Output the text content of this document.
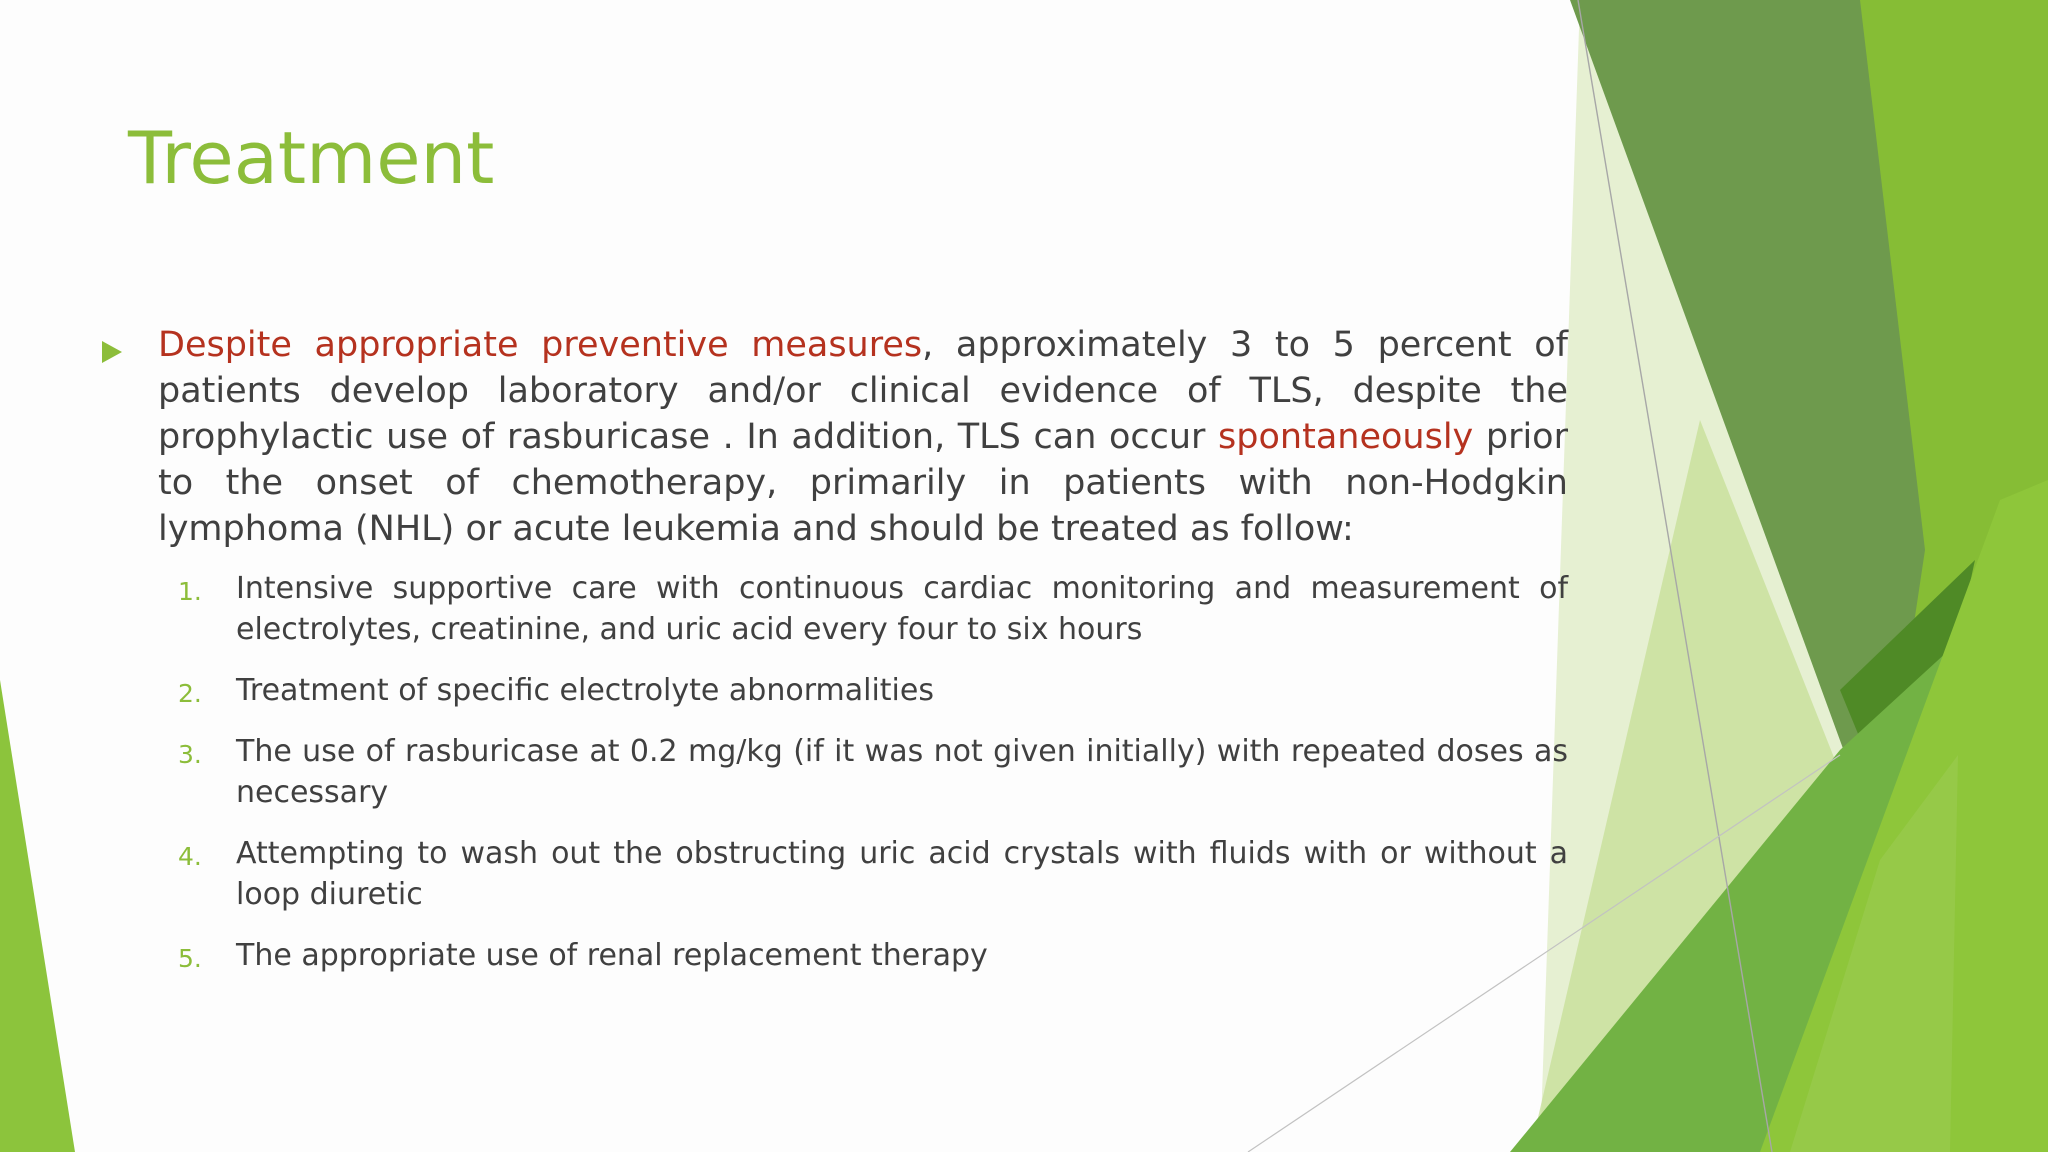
Treatment

Despite appropriate preventive measures, approximately 3 to 5 percent of patients develop laboratory and/or clinical evidence of TLS, despite the prophylactic use of rasburicase . In addition, TLS can occur spontaneously prior to the onset of chemotherapy, primarily in patients with non-Hodgkin lymphoma (NHL) or acute leukemia and should be treated as follow:

1. Intensive supportive care with continuous cardiac monitoring and measurement of electrolytes, creatinine, and uric acid every four to six hours
2. Treatment of specific electrolyte abnormalities
3. The use of rasburicase at 0.2 mg/kg (if it was not given initially) with repeated doses as necessary
4. Attempting to wash out the obstructing uric acid crystals with fluids with or without a loop diuretic
5. The appropriate use of renal replacement therapy
